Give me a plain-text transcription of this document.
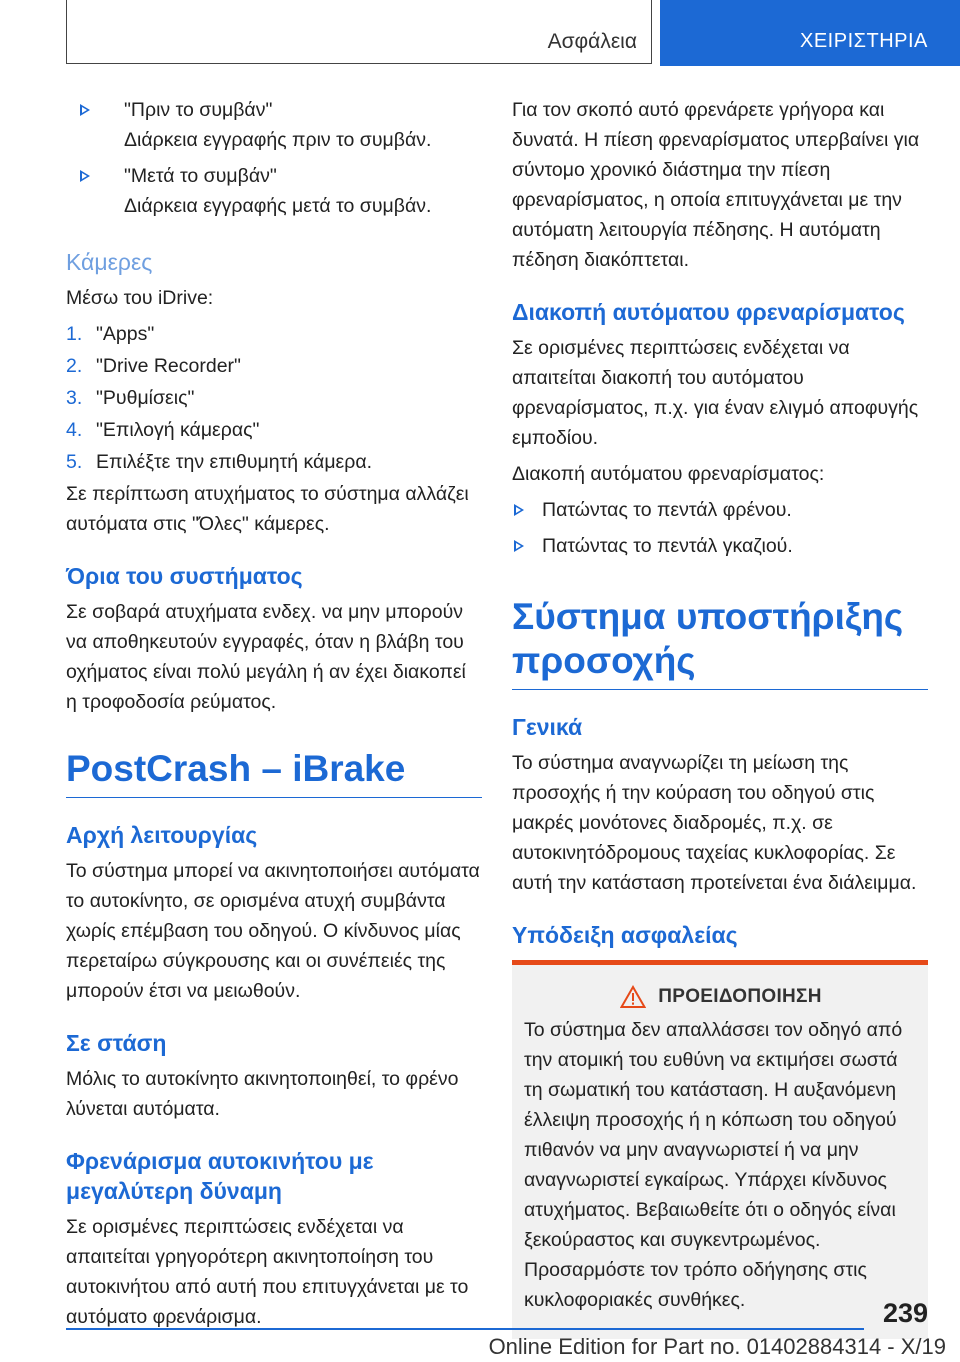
Ασφάλεια	ΧΕΙΡΙΣΤΗΡΙΑ

"Πριν το συμβάν"

Διάρκεια εγγραφής πριν το συμβάν.

"Μετά το συμβάν"

Διάρκεια εγγραφής μετά το συμβάν.

Κάμερες

Μέσω του iDrive:

1. "Apps"
2. "Drive Recorder"
3. "Ρυθμίσεις"
4. "Επιλογή κάμερας"
5. Επιλέξτε την επιθυμητή κάμερα.

Σε περίπτωση ατυχήματος το σύστημα αλλάζει αυτόματα στις "Όλες" κάμερες.

Όρια του συστήματος

Σε σοβαρά ατυχήματα ενδεχ. να μην μπορούν να αποθηκευτούν εγγραφές, όταν η βλάβη του οχήματος είναι πολύ μεγάλη ή αν έχει διακοπεί η τροφοδοσία ρεύματος.

PostCrash – iBrake
Αρχή λειτουργίας

Το σύστημα μπορεί να ακινητοποιήσει αυτόματα το αυτοκίνητο, σε ορισμένα ατυχή συμβάντα χωρίς επέμβαση του οδηγού. Ο κίνδυνος μίας περεταίρω σύγκρουσης και οι συνέπειές της μπορούν έτσι να μειωθούν.

Σε στάση

Μόλις το αυτοκίνητο ακινητοποιηθεί, το φρένο λύνεται αυτόματα.

Φρενάρισμα αυτοκινήτου με μεγαλύτερη δύναμη

Σε ορισμένες περιπτώσεις ενδέχεται να απαιτείται γρηγορότερη ακινητοποίηση του αυτοκινήτου από αυτή που επιτυγχάνεται με το αυτόματο φρενάρισμα.

Για τον σκοπό αυτό φρενάρετε γρήγορα και δυνατά. Η πίεση φρεναρίσματος υπερβαίνει για σύντομο χρονικό διάστημα την πίεση φρεναρίσματος, η οποία επιτυγχάνεται με την αυτόματη λειτουργία πέδησης. Η αυτόματη πέδηση διακόπτεται.

Διακοπή αυτόματου φρεναρίσματος

Σε ορισμένες περιπτώσεις ενδέχεται να απαιτείται διακοπή του αυτόματου φρεναρίσματος, π.χ. για έναν ελιγμό αποφυγής εμποδίου.

Διακοπή αυτόματου φρεναρίσματος:

Πατώντας το πεντάλ φρένου.

Πατώντας το πεντάλ γκαζιού.

Σύστημα υποστήριξης προσοχής
Γενικά

Το σύστημα αναγνωρίζει τη μείωση της προσοχής ή την κούραση του οδηγού στις μακρές μονότονες διαδρομές, π.χ. σε αυτοκινητόδρομους ταχείας κυκλοφορίας. Σε αυτή την κατάσταση προτείνεται ένα διάλειμμα.

Υπόδειξη ασφαλείας
ΠΡΟΕΙΔΟΠΟΙΗΣΗ

Το σύστημα δεν απαλλάσσει τον οδηγό από την ατομική του ευθύνη να εκτιμήσει σωστά τη σωματική του κατάσταση. Η αυξανόμενη έλλειψη προσοχής ή η κόπωση του οδηγού πιθανόν να μην αναγνωριστεί ή να μην αναγνωριστεί εγκαίρως. Υπάρχει κίνδυνος ατυχήματος. Βεβαιωθείτε ότι ο οδηγός είναι ξεκούραστος και συγκεντρωμένος. Προσαρμόστε τον τρόπο οδήγησης στις κυκλοφοριακές συνθήκες.	239
Online Edition for Part no. 01402884314 - X/19
